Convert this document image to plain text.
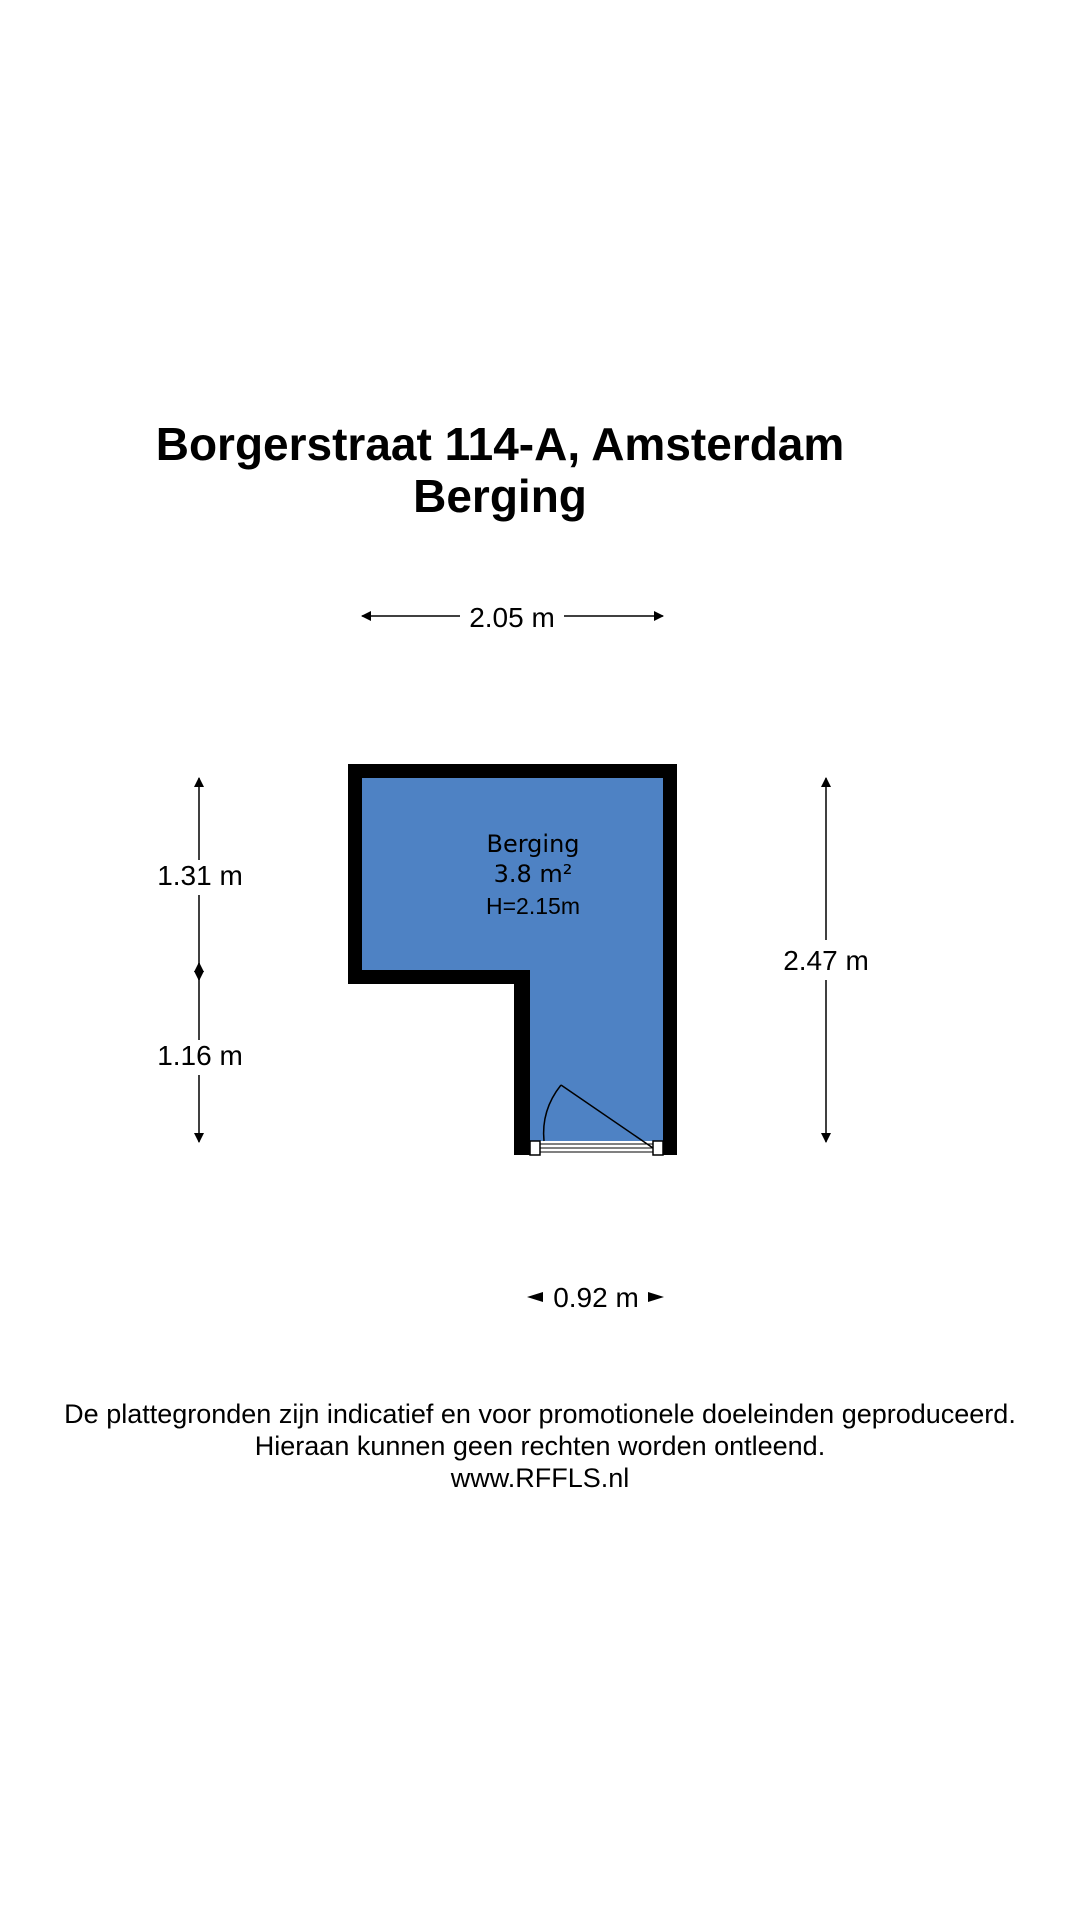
Borgerstraat 114-A, Amsterdam
Berging
Berging
3.8 m²
H=2.15m
2.05 m
1.31 m
1.16 m
2.47 m
0.92 m

De plattegronden zijn indicatief en voor promotionele doeleinden geproduceerd.

Hieraan kunnen geen rechten worden ontleend.

www.RFFLS.nl
